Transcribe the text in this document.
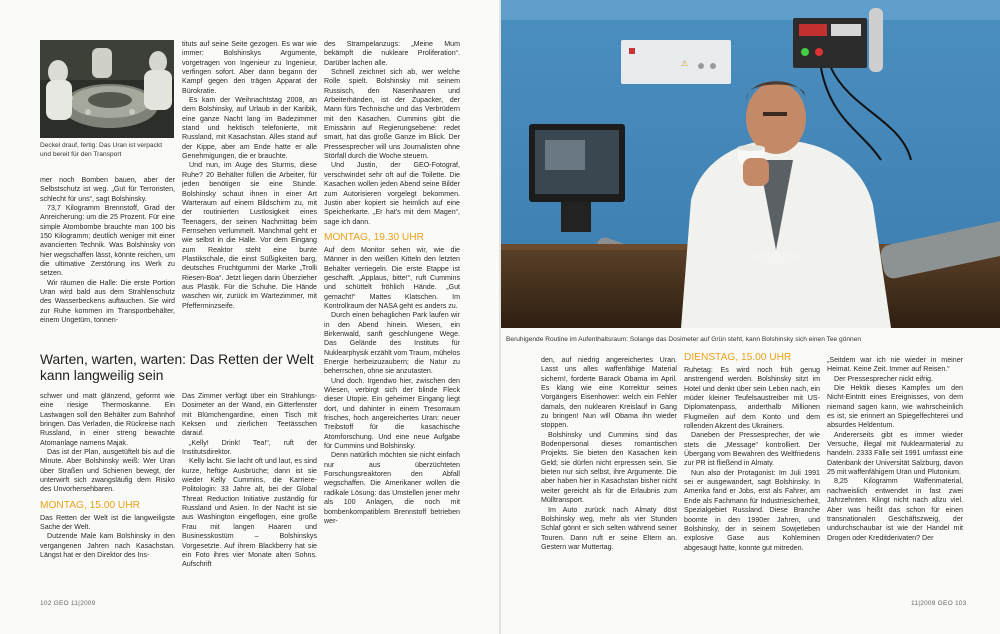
Deckel drauf, fertig: Das Uran ist verpackt und bereit für den Transport

mer noch Bomben bauen, aber der Selbstschutz ist weg. „Gut für Terroristen, schlecht für uns“, sagt Bolshinsky.

73,7 Kilogramm Brennstoff, Grad der Anreicherung: um die 25 Prozent. Für eine simple Atombombe brauchte man 100 bis 150 Kilogramm; deutlich weniger mit einer avancierten Technik. Was Bolshinsky von hier wegschaffen lässt, könnte reichen, um die ultimative Zerstörung ins Werk zu setzen.

Wir räumen die Halle: Die erste Portion Uran wird bald aus dem Strahlenschutz des Wasserbeckens auftauchen. Sie wird zur Ruhe kommen im Transportbehälter, einem Ungetüm, tonnen-

tituts auf seine Seite gezogen. Es war wie immer: Bolshinskys Argumente, vorgetragen von Ingenieur zu Ingenieur, verfingen sofort. Aber dann begann der Kampf gegen den trägen Apparat der Bürokratie.

Es kam der Weihnachtstag 2008, an dem Bolshinsky, auf Urlaub in der Karibik, eine ganze Nacht lang im Badezimmer stand und hektisch telefonierte, mit Russland, mit Kasachstan. Alles stand auf der Kippe, aber am Ende hatte er alle Genehmigungen, die er brauchte.

Und nun, im Auge des Sturms, diese Ruhe? 20 Behälter füllen die Arbeiter, für jeden benötigen sie eine Stunde. Bolshinsky schaut ihnen in einer Art Warteraum auf einem Bildschirm zu, mit der routinierten Lustlosigkeit eines Teenagers, der seinen Nachmittag beim Fernsehen verlummelt. Manchmal geht er wie selbst in die Halle. Vor dem Eingang zum Reaktor steht eine bunte Plastikschale, die einst Süßigkeiten barg, deutsches Fruchtgummi der Marke „Trolli Riesen-Boa“. Jetzt liegen darin Überzieher aus Plastik. Für die Schuhe. Die Hände waschen wir, zurück im Wartezimmer, mit Pfefferminzseife.

des Strampelanzugs: „Meine Mum bekämpft die nukleare Proliferation“. Darüber lachen alle.

Schnell zeichnet sich ab, wer welche Rolle spielt. Bolshinsky mit seinem Russisch, den Nasenhaaren und Arbeiterhänden, ist der Zupacker, der Mann fürs Technische und das Verbrüdern mit den Kasachen. Cummins gibt die Emissärin auf Regierungsebene: redet smart, hat das große Ganze im Blick. Der Pressesprecher will uns Journalisten ohne Störfall durch die Woche steuern.

Und Justin, der GEO-Fotograf, verschwindet sehr oft auf die Toilette. Die Kasachen wollen jeden Abend seine Bilder zum Autorisieren vorgelegt bekommen. Justin aber kopiert sie heimlich auf eine Speicherkarte. „Er hat's mit dem Magen“, sage ich dann.

MONTAG, 19.30 UHR

Auf dem Monitor sehen wir, wie die Männer in den weißen Kitteln den letzten Behälter verriegeln. Die erste Etappe ist geschafft. „Applaus, bitte!“, ruft Cummins und schüttelt fröhlich Hände. „Gut gemacht!“ Mattes Klatschen. Im Kontrollraum der NASA geht es anders zu.

Durch einen behaglichen Park laufen wir in den Abend hinein. Wiesen, ein Birkenwald, sanft geschlungene Wege. Das Gelände des Instituts für Nuklearphysik erzählt vom Traum, mühelos Energie herbeizuzaubern; die Natur zu beherrschen, ohne sie anzutasten.

Und doch. Irgendwo hier, zwischen den Wiesen, verbirgt sich der blinde Fleck dieser Utopie. Ein geheimer Eingang liegt dort, und dahinter in einem Tresorraum frisches, hoch angereichertes Uran: neuer Treibstoff für die kasachische Atomforschung. Und eine neue Aufgabe für Cummins und Bolshinsky.

Denn natürlich möchten sie nicht einfach nur aus überzüchteten Forschungsreaktoren den Abfall wegschaffen. Die Amerikaner wollen die radikale Lösung: das Umstellen jener mehr als 100 Anlagen, die noch mit bombenkompatiblem Brennstoff betrieben wer-

Warten, warten, warten: Das Retten der Welt kann langweilig sein

schwer und matt glänzend, geformt wie eine riesige Thermoskanne. Ein Lastwagen soll den Behälter zum Bahnhof bringen. Das Verladen, die Rückreise nach Russland, in einer streng bewachte Atomanlage namens Majak.

Das ist der Plan, ausgetüftelt bis auf die Minute. Aber Bolshinsky weiß: Wer Uran über Straßen und Schienen bewegt, der unterwirft sich zwangsläufig dem Risiko des Unvorhersehbaren.

MONTAG, 15.00 UHR

Das Retten der Welt ist die langweiligste Sache der Welt.

Dutzende Male kam Bolshinsky in den vergangenen Jahren nach Kasachstan. Längst hat er den Direktor des Ins-

Das Zimmer verfügt über ein Strahlungs-Dosimeter an der Wand, ein Gitterfenster mit Blümchengardine, einen Tisch mit Keksen und zierlichen Teetässchen darauf.

„Kelly! Drink! Tea!“, ruft der Institutsdirektor.

Kelly lacht. Sie lacht oft und laut, es sind kurze, heftige Ausbrüche; dann ist sie wieder Kelly Cummins, die Karriere-Politologin: 33 Jahre alt, bei der Global Threat Reduction Initiative zuständig für Russland und Asien. In der Nacht ist sie aus Washington eingeflogen, eine große Frau mit langen Haaren und Businesskostüm – Bolshinskys Vorgesetzte. Auf ihrem Blackberry hat sie ein Foto ihres vier Monate alten Sohns. Aufschrift

102 GEO 11|2009
⚠
Beruhigende Routine im Aufenthaltsraum: Solange das Dosimeter auf Grün steht, kann Bolshinsky sich einen Tee gönnen

den, auf niedrig angereichertes Uran. Lasst uns alles waffenfähige Material sichern!, forderte Barack Obama im April. Es klang wie eine Korrektur seines Vorgängers Eisenhower: welch ein Fehler damals, den nuklearen Kreislauf in Gang zu bringen! Nun will Obama ihn wieder stoppen.

Bolshinsky und Cummins sind das Bodenpersonal dieses romantischen Projekts. Sie bieten den Kasachen kein Geld; sie dürfen nicht erpressen sein. Sie bieten nur sich selbst, ihre Argumente. Die aber haben hier in Kasachstan bisher nicht weiter gereicht als für die Erlaubnis zum Mülltransport.

Im Auto zurück nach Almaty döst Bolshinsky weg, mehr als vier Stunden Schlaf gönnt er sich selten während seiner Touren. Dann ruft er seine Eltern an. Gestern war Muttertag.

DIENSTAG, 15.00 UHR

Ruhetag: Es wird noch früh genug anstrengend werden. Bolshinsky sitzt im Hotel und denkt über sein Leben nach, ein müder kleiner Teufelsaustreiber mit US-Diplomatenpass, anderthalb Millionen Flugmeilen auf dem Konto und dem rollenden Akzent des Ukrainers.

Daneben der Pressesprecher, der wie stets die „Message“ kontrolliert. Der Übergang vom Bewahren des Weltfriedens zur PR ist fließend in Almaty.

Nun also der Protagonist: Im Juli 1991 sei er ausgewandert, sagt Bolshinsky. In Amerika fand er Jobs, erst als Fahrer, am Ende als Fachmann für Industriesicherheit, Spezialgebiet Russland. Diese Branche boomte in den 1990er Jahren, und Bolshinsky, der in seinem Sowjetleben explosive Gase aus Kohleminen abgesaugt hatte, konnte gut mitreden.

„Seitdem war ich nie wieder in meiner Heimat. Keine Zeit. Immer auf Reisen.“

Der Pressesprecher nickt eifrig.

Die Hektik dieses Kampfes um den Nicht-Eintritt eines Ereignisses, von dem niemand sagen kann, wie wahrscheinlich es ist, sie erinnert an Spiegelfechterei und absurdes Heldentum.

Andererseits gibt es immer wieder Versuche, illegal mit Nuklearmaterial zu handeln. 2333 Fälle seit 1991 umfasst eine Datenbank der Universität Salzburg, davon 25 mit waffenfähigem Uran und Plutonium.

8,25 Kilogramm Waffenmaterial, nachweislich entwendet in fast zwei Jahrzehnten. Klingt nicht nach allzu viel. Aber was heißt das schon für einen transnationalen Geschäftszweig, der undurchschaubar ist wie der Handel mit Drogen oder Kreditderivaten? Der

11|2009 GEO 103
